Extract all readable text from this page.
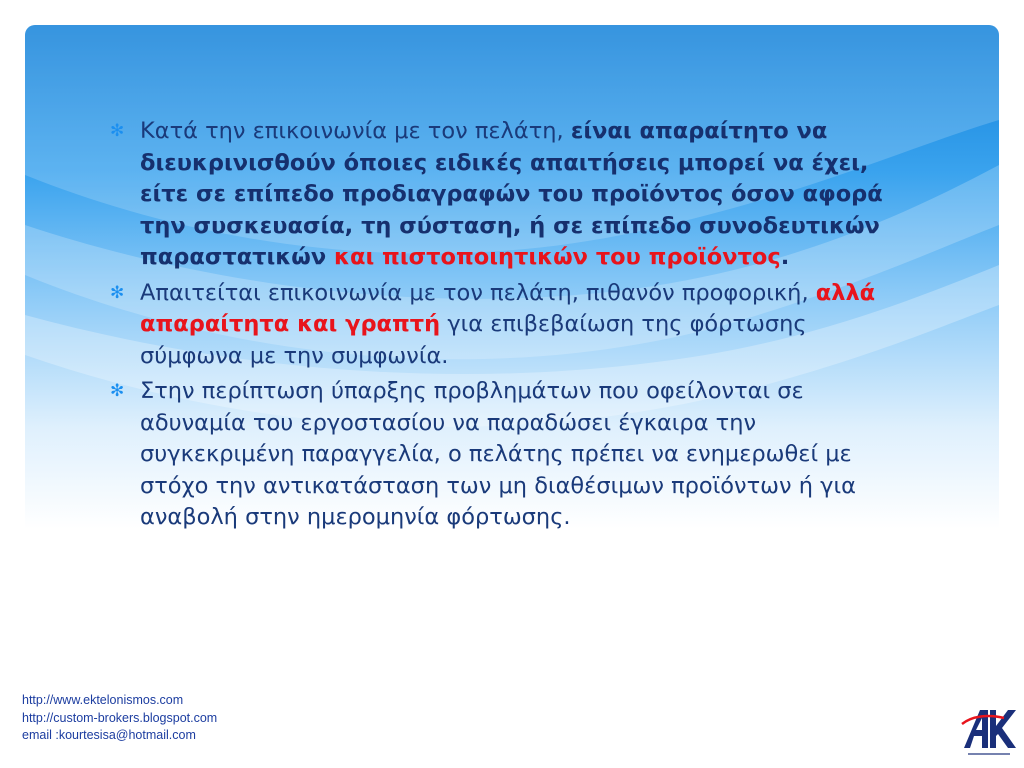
✻ Κατά την επικοινωνία με τον πελάτη, είναι απαραίτητο να διευκρινισθούν όποιες ειδικές απαιτήσεις μπορεί να έχει, είτε σε επίπεδο προδιαγραφών του προϊόντος όσον αφορά την συσκευασία, τη σύσταση, ή σε επίπεδο συνοδευτικών παραστατικών και πιστοποιητικών του προϊόντος.
✻ Απαιτείται επικοινωνία με τον πελάτη, πιθανόν προφορική, αλλά απαραίτητα και γραπτή για επιβεβαίωση της φόρτωσης σύμφωνα με την συμφωνία.
✻ Στην περίπτωση ύπαρξης προβλημάτων που οφείλονται σε αδυναμία του εργοστασίου να παραδώσει έγκαιρα την συγκεκριμένη παραγγελία, ο πελάτης πρέπει να ενημερωθεί με στόχο την αντικατάσταση των μη διαθέσιμων προϊόντων ή για αναβολή στην ημερομηνία φόρτωσης.
http://www.ektelonismos.com
http://custom-brokers.blogspot.com
email :kourtesisa@hotmail.com
